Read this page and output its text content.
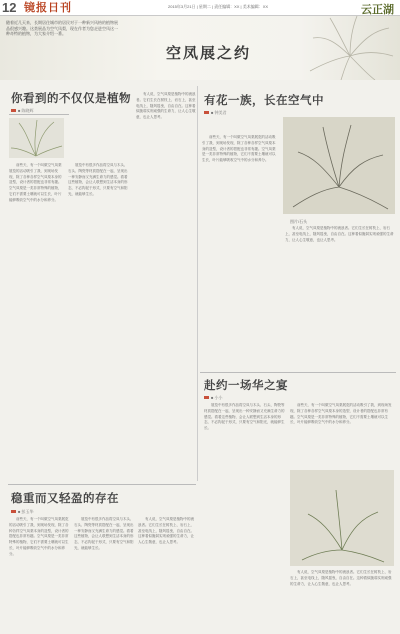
12 镜报日刊	2015年3月21日 | 星期二 | 责任编辑：XX | 美术编辑：XX	云正湖
随着近几天来，长期居住城市的居民对于一种新兴风格的植物展品很感兴趣。这类展品为空气凤梨，现在作者为您走进空凤这一种奇特的植物，为大家介绍一番。
空凤展之约
你看到的不仅仅是植物
■ 陈晓辉

前些天，有一个叫做空气凤梨展览的活动吸引了我，到现场发现，除了各种各样空气凤梨本身的造型，设计者的搭配也非常有趣。空气凤梨是一类非常特殊的植物，它们不需要土壤就可以生长，叶片能够吸收空气中的水分和养分。

展览中有很多作品将空凤与木头、石头、陶瓷等材质搭配在一起，呈现出一种安静而又充满生命力的感觉。看着这些植物，会让人联想到生活本身的形态，不必拘泥于形式，只要有空气和阳光，就能够生长。

有人说，空气凤梨是植物中的流浪者。它们生长在树枝上、岩石上，甚至电线上，随风摇曳，自由自在。这种看似脆弱实则顽强的生命力，让人心生敬意，也让人思考。

前些天，有一个叫做空气凤梨展览的活动吸引了我，到现场发现，除了各种各样空气凤梨本身的造型，设计者的搭配也非常有趣。空气凤梨是一类非常特殊的植物，它们不需要土壤就可以生长，叶片能够吸收空气中的水分和养分。

有花一族，长在空气中
■ 钟美君
图片/石头

有人说，空气凤梨是植物中的流浪者。它们生长在树枝上、岩石上，甚至电线上，随风摇曳，自由自在。这种看似脆弱实则顽强的生命力，让人心生敬意，也让人思考。

赴约一场华之宴
■ 小小

展览中有很多作品将空凤与木头、石头、陶瓷等材质搭配在一起，呈现出一种安静而又充满生命力的感觉。看着这些植物，会让人联想到生活本身的形态，不必拘泥于形式，只要有空气和阳光，就能够生长。

前些天，有一个叫做空气凤梨展览的活动吸引了我，到现场发现，除了各种各样空气凤梨本身的造型，设计者的搭配也非常有趣。空气凤梨是一类非常特殊的植物，它们不需要土壤就可以生长，叶片能够吸收空气中的水分和养分。

有人说，空气凤梨是植物中的流浪者。它们生长在树枝上、岩石上，甚至电线上，随风摇曳，自由自在。这种看似脆弱实则顽强的生命力，让人心生敬意，也让人思考。

稳重而又轻盈的存在
■ 彭玉华

前些天，有一个叫做空气凤梨展览的活动吸引了我，到现场发现，除了各种各样空气凤梨本身的造型，设计者的搭配也非常有趣。空气凤梨是一类非常特殊的植物，它们不需要土壤就可以生长，叶片能够吸收空气中的水分和养分。

展览中有很多作品将空凤与木头、石头、陶瓷等材质搭配在一起，呈现出一种安静而又充满生命力的感觉。看着这些植物，会让人联想到生活本身的形态，不必拘泥于形式，只要有空气和阳光，就能够生长。

有人说，空气凤梨是植物中的流浪者。它们生长在树枝上、岩石上，甚至电线上，随风摇曳，自由自在。这种看似脆弱实则顽强的生命力，让人心生敬意，也让人思考。
